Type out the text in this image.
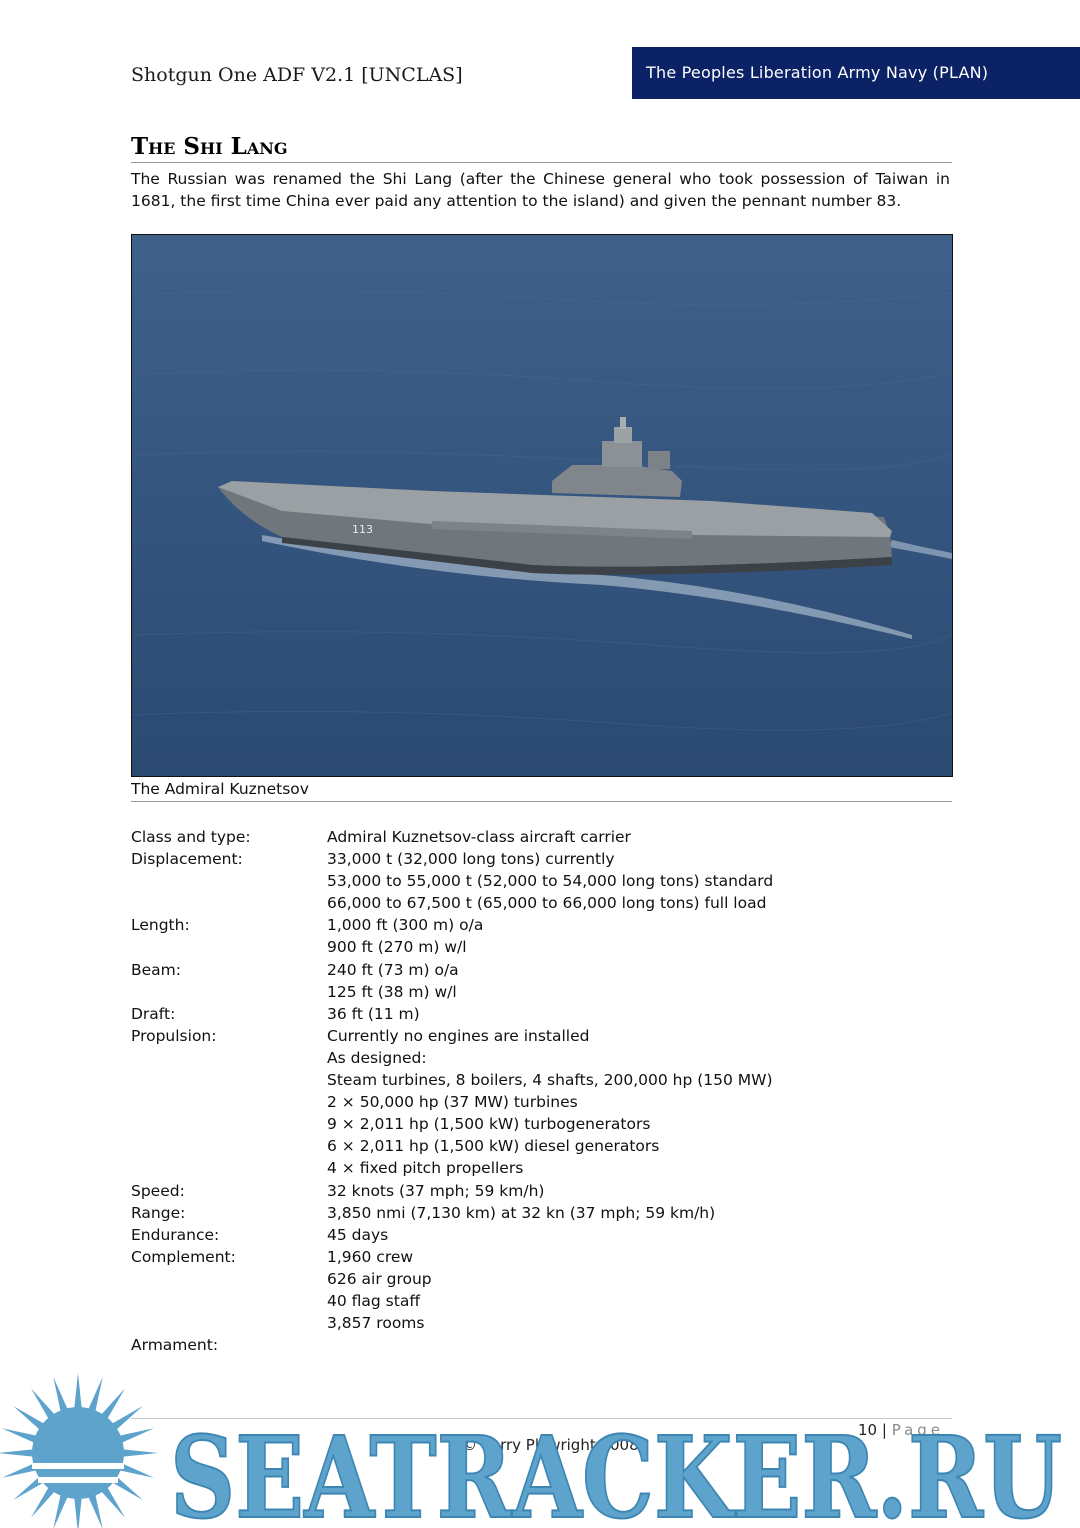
Shotgun One ADF V2.1 [UNCLAS]	The Peoples Liberation Army Navy (PLAN)
The Shi Lang
The Russian was renamed the Shi Lang (after the Chinese general who took possession of Taiwan in 1681, the first time China ever paid any attention to the island) and given the pennant number 83.
113
The Admiral Kuznetsov
Class and type:	Admiral Kuznetsov-class aircraft carrier
Displacement:	33,000 t (32,000 long tons) currently
53,000 to 55,000 t (52,000 to 54,000 long tons) standard
66,000 to 67,500 t (65,000 to 66,000 long tons) full load
Length:	1,000 ft (300 m) o/a
900 ft (270 m) w/l
Beam:	240 ft (73 m) o/a
125 ft (38 m) w/l
Draft:	36 ft (11 m)
Propulsion:	Currently no engines are installed
As designed:
Steam turbines, 8 boilers, 4 shafts, 200,000 hp (150 MW)
2 × 50,000 hp (37 MW) turbines
9 × 2,011 hp (1,500 kW) turbogenerators
6 × 2,011 hp (1,500 kW) diesel generators
4 × fixed pitch propellers
Speed:	32 knots (37 mph; 59 km/h)
Range:	3,850 nmi (7,130 km) at 32 kn (37 mph; 59 km/h)
Endurance:	45 days
Complement:	1,960 crew
626 air group
40 flag staff
3,857 rooms
Armament:
© Kerry Plowright 2008
10 | Page
SEATRACKER.RU
